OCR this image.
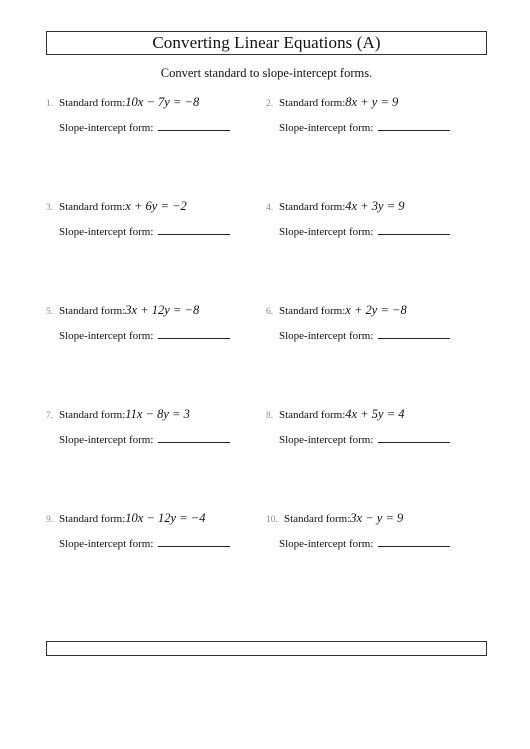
Converting Linear Equations (A)
Convert standard to slope-intercept forms.
1. Standard form: 10x − 7y = −8
Slope-intercept form:
2. Standard form: 8x + y = 9
Slope-intercept form:
3. Standard form: x + 6y = −2
Slope-intercept form:
4. Standard form: 4x + 3y = 9
Slope-intercept form:
5. Standard form: 3x + 12y = −8
Slope-intercept form:
6. Standard form: x + 2y = −8
Slope-intercept form:
7. Standard form: 11x − 8y = 3
Slope-intercept form:
8. Standard form: 4x + 5y = 4
Slope-intercept form:
9. Standard form: 10x − 12y = −4
Slope-intercept form:
10. Standard form: 3x − y = 9
Slope-intercept form:
